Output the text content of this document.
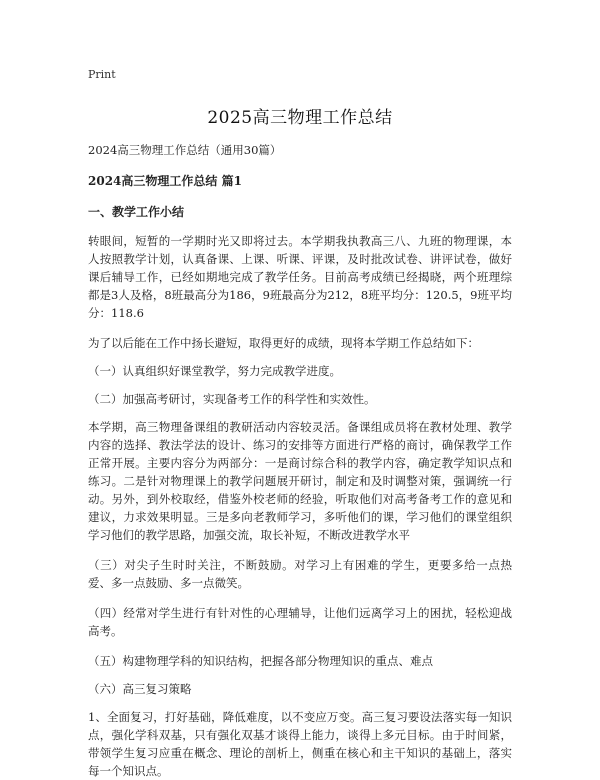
Print
2025高三物理工作总结

2024高三物理工作总结（通用30篇）

2024高三物理工作总结 篇1

一、教学工作小结

转眼间，短暂的一学期时光又即将过去。本学期我执教高三八、九班的物理课，本人按照教学计划，认真备课、上课、听课、评课，及时批改试卷、讲评试卷，做好课后辅导工作，已经如期地完成了教学任务。目前高考成绩已经揭晓，两个班理综都是3人及格，8班最高分为186，9班最高分为212，8班平均分：120.5，9班平均分：118.6

为了以后能在工作中扬长避短，取得更好的成绩，现将本学期工作总结如下：

（一）认真组织好课堂教学，努力完成教学进度。

（二）加强高考研讨，实现备考工作的科学性和实效性。

本学期，高三物理备课组的教研活动内容较灵活。备课组成员将在教材处理、教学内容的选择、教法学法的设计、练习的安排等方面进行严格的商讨，确保教学工作正常开展。主要内容分为两部分：一是商讨综合科的教学内容，确定教学知识点和练习。二是针对物理课上的教学问题展开研讨，制定和及时调整对策，强调统一行动。另外，到外校取经，借鉴外校老师的经验，听取他们对高考备考工作的意见和建议，力求效果明显。三是多向老教师学习，多听他们的课，学习他们的课堂组织学习他们的教学思路，加强交流，取长补短，不断改进教学水平

（三）对尖子生时时关注，不断鼓励。对学习上有困难的学生，更要多给一点热爱、多一点鼓励、多一点微笑。

（四）经常对学生进行有针对性的心理辅导，让他们远离学习上的困扰，轻松迎战高考。

（五）构建物理学科的知识结构，把握各部分物理知识的重点、难点

（六）高三复习策略

1、全面复习，打好基础，降低难度，以不变应万变。高三复习要设法落实每一知识点，强化学科双基，只有强化双基才谈得上能力，谈得上多元目标。由于时间紧，带领学生复习应重在概念、理论的剖析上，侧重在核心和主干知识的基础上，落实每一个知识点。
